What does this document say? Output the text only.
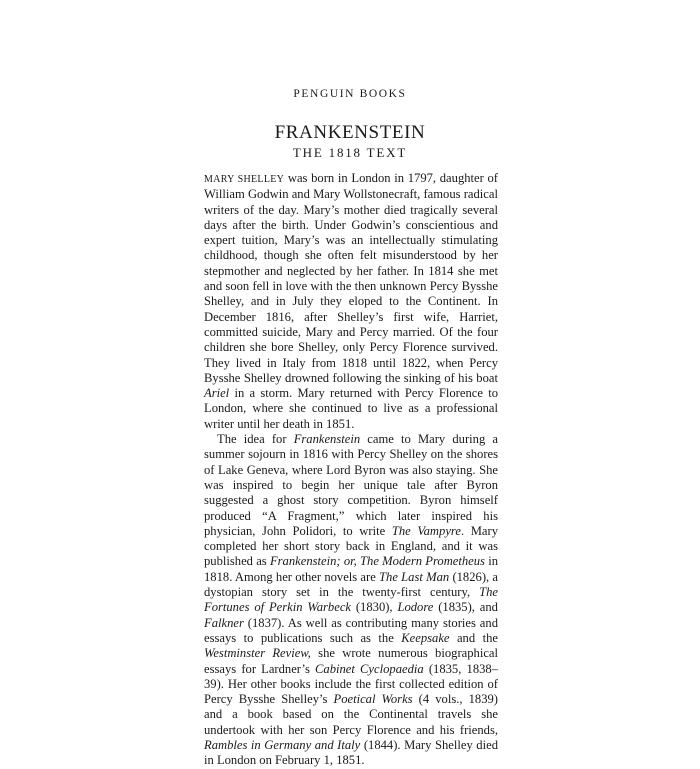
PENGUIN BOOKS
FRANKENSTEIN
THE 1818 TEXT

MARY SHELLEY was born in London in 1797, daughter of William Godwin and Mary Wollstonecraft, famous radical writers of the day. Mary’s mother died tragically several days after the birth. Under Godwin’s conscientious and expert tuition, Mary’s was an intellectually stimulating childhood, though she often felt misunderstood by her stepmother and neglected by her father. In 1814 she met and soon fell in love with the then unknown Percy Bysshe Shelley, and in July they eloped to the Continent. In December 1816, after Shelley’s first wife, Harriet, committed suicide, Mary and Percy married. Of the four children she bore Shelley, only Percy Florence survived. They lived in Italy from 1818 until 1822, when Percy Bysshe Shelley drowned following the sinking of his boat Ariel in a storm. Mary returned with Percy Florence to London, where she continued to live as a professional writer until her death in 1851.

The idea for Frankenstein came to Mary during a summer sojourn in 1816 with Percy Shelley on the shores of Lake Geneva, where Lord Byron was also staying. She was inspired to begin her unique tale after Byron suggested a ghost story competition. Byron himself produced “A Fragment,” which later inspired his physician, John Polidori, to write The Vampyre. Mary completed her short story back in England, and it was published as Frankenstein; or, The Modern Prometheus in 1818. Among her other novels are The Last Man (1826), a dystopian story set in the twenty-first century, The Fortunes of Perkin Warbeck (1830), Lodore (1835), and Falkner (1837). As well as contributing many stories and essays to publications such as the Keepsake and the Westminster Review, she wrote numerous biographical essays for Lardner’s Cabinet Cyclopaedia (1835, 1838–39). Her other books include the first collected edition of Percy Bysshe Shelley’s Poetical Works (4 vols., 1839) and a book based on the Continental travels she undertook with her son Percy Florence and his friends, Rambles in Germany and Italy (1844). Mary Shelley died in London on February 1, 1851.
